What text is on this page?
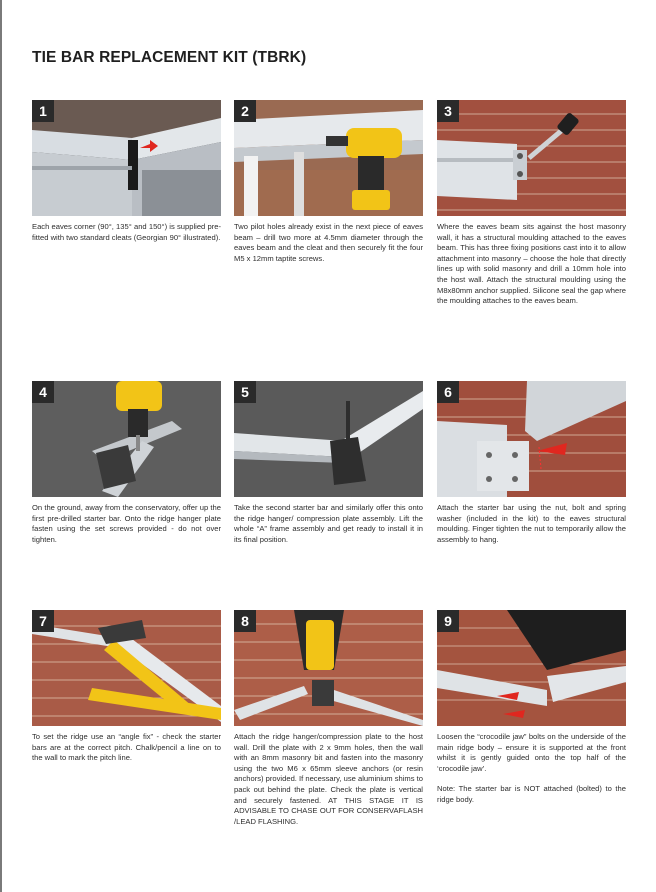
TIE BAR REPLACEMENT KIT (TBRK)
1

Each eaves corner (90°, 135° and 150°) is supplied pre-fitted with two standard cleats (Georgian 90° illustrated).

2

Two pilot holes already exist in the next piece of eaves beam – drill two more at 4.5mm diameter through the eaves beam and the cleat and then securely fit the four M5 x 12mm taptite screws.

3

Where the eaves beam sits against the host masonry wall, it has a structural moulding attached to the eaves beam. This has three fixing positions cast into it to allow attachment into masonry – choose the hole that directly lines up with solid masonry and drill a 10mm hole into the host wall. Attach the structural moulding using the M8x80mm anchor supplied. Silicone seal the gap where the moulding attaches to the eaves beam.

4

On the ground, away from the conservatory, offer up the first pre-drilled starter bar. Onto the ridge hanger plate fasten using the set screws provided - do not over tighten.

5

Take the second starter bar and similarly offer this onto the ridge hanger/ compression plate assembly. Lift the whole “A” frame assembly and get ready to install it in its final position.

6

Attach the starter bar using the nut, bolt and spring washer (included in the kit) to the eaves structural moulding. Finger tighten the nut to temporarily allow the assembly to hang.

7

To set the ridge use an “angle fix” - check the starter bars are at the correct pitch. Chalk/pencil a line on to the wall to mark the pitch line.

8

Attach the ridge hanger/compression plate to the host wall. Drill the plate with 2 x 9mm holes, then the wall with an 8mm masonry bit and fasten into the masonry using the two M6 x 65mm sleeve anchors (or resin anchors) provided. If necessary, use aluminium shims to pack out behind the plate. Check the plate is vertical and securely fastened. AT THIS STAGE IT IS ADVISABLE TO CHASE OUT FOR CONSERVAFLASH /LEAD FLASHING.

9

Loosen the “crocodile jaw” bolts on the underside of the main ridge body – ensure it is supported at the front whilst it is gently guided onto the top half of the ‘crocodile jaw’.

Note: The starter bar is NOT attached (bolted) to the ridge body.
